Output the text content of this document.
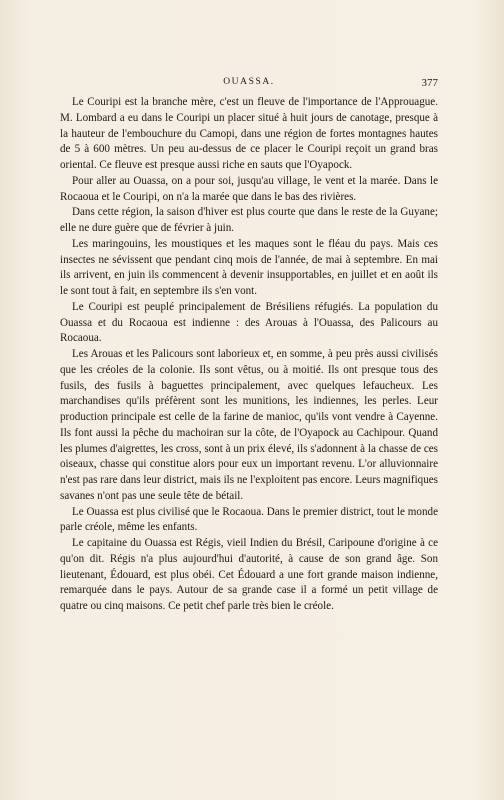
OUASSA.	377

Le Couripi est la branche mère, c'est un fleuve de l'importance de l'Approuague. M. Lombard a eu dans le Couripi un placer situé à huit jours de canotage, presque à la hauteur de l'embouchure du Camopi, dans une région de fortes montagnes hautes de 5 à 600 mètres. Un peu au-dessus de ce placer le Couripi reçoit un grand bras oriental. Ce fleuve est presque aussi riche en sauts que l'Oyapock.

Pour aller au Ouassa, on a pour soi, jusqu'au village, le vent et la marée. Dans le Rocaoua et le Couripi, on n'a la marée que dans le bas des rivières.

Dans cette région, la saison d'hiver est plus courte que dans le reste de la Guyane; elle ne dure guère que de février à juin.

Les maringouins, les moustiques et les maques sont le fléau du pays. Mais ces insectes ne sévissent que pendant cinq mois de l'année, de mai à septembre. En mai ils arrivent, en juin ils commencent à devenir insupportables, en juillet et en août ils le sont tout à fait, en septembre ils s'en vont.

Le Couripi est peuplé principalement de Brésiliens réfugiés. La population du Ouassa et du Rocaoua est indienne : des Arouas à l'Ouassa, des Palicours au Rocaoua.

Les Arouas et les Palicours sont laborieux et, en somme, à peu près aussi civilisés que les créoles de la colonie. Ils sont vêtus, ou à moitié. Ils ont presque tous des fusils, des fusils à baguettes principalement, avec quelques lefaucheux. Les marchandises qu'ils préfèrent sont les munitions, les indiennes, les perles. Leur production principale est celle de la farine de manioc, qu'ils vont vendre à Cayenne. Ils font aussi la pêche du machoiran sur la côte, de l'Oyapock au Cachipour. Quand les plumes d'aigrettes, les cross, sont à un prix élevé, ils s'adonnent à la chasse de ces oiseaux, chasse qui constitue alors pour eux un important revenu. L'or alluvionnaire n'est pas rare dans leur district, mais ils ne l'exploitent pas encore. Leurs magnifiques savanes n'ont pas une seule tête de bétail.

Le Ouassa est plus civilisé que le Rocaoua. Dans le premier district, tout le monde parle créole, même les enfants.

Le capitaine du Ouassa est Régis, vieil Indien du Brésil, Caripoune d'origine à ce qu'on dit. Régis n'a plus aujourd'hui d'autorité, à cause de son grand âge. Son lieutenant, Édouard, est plus obéi. Cet Édouard a une fort grande maison indienne, remarquée dans le pays. Autour de sa grande case il a formé un petit village de quatre ou cinq maisons. Ce petit chef parle très bien le créole.
